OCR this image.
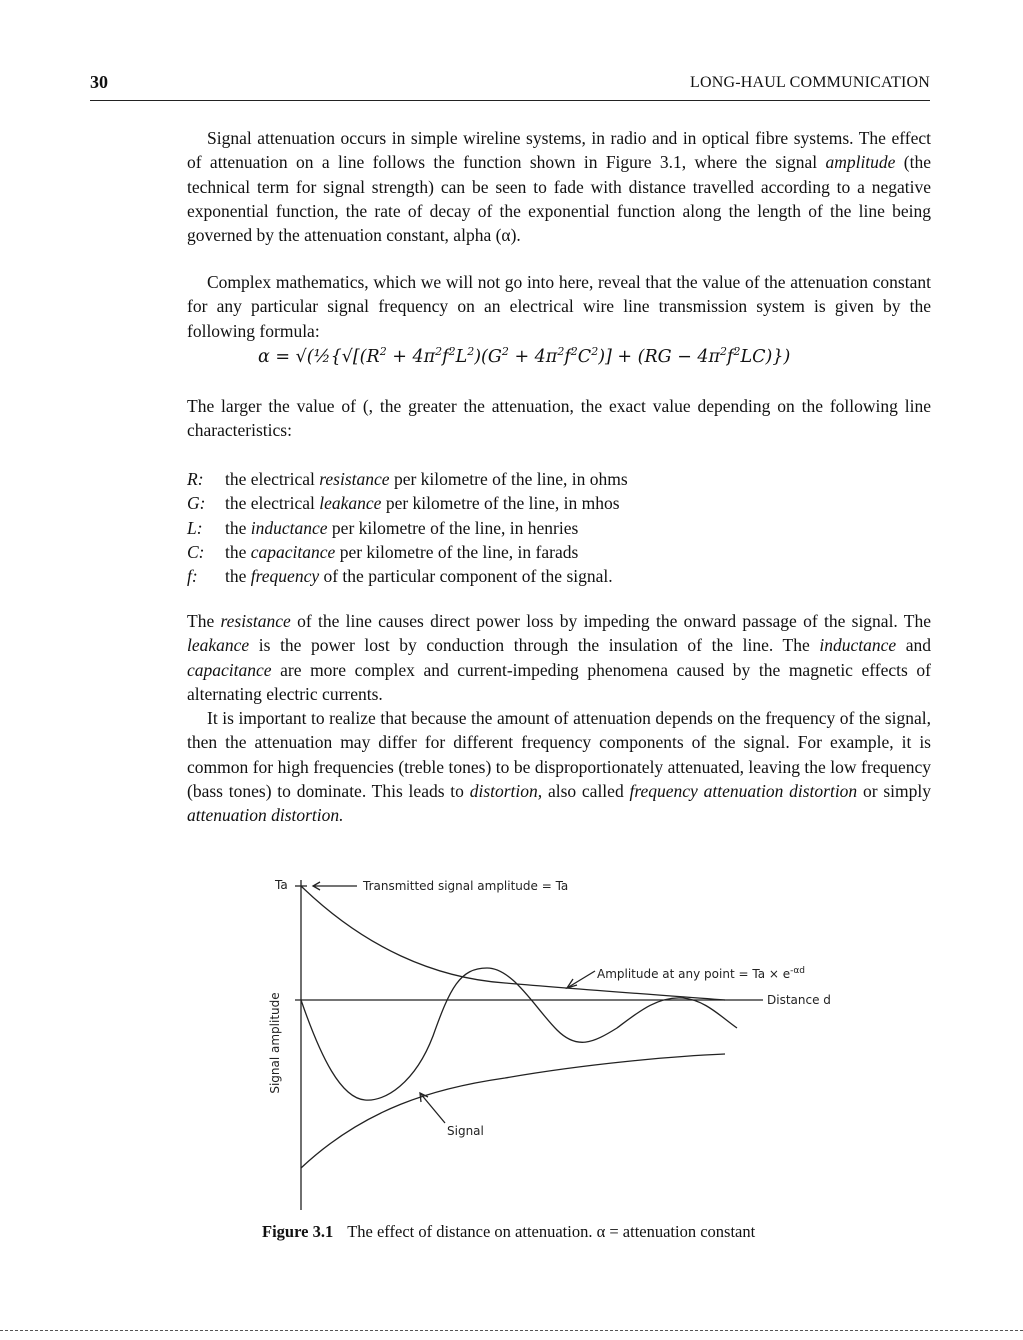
30	LONG-HAUL COMMUNICATION

Signal attenuation occurs in simple wireline systems, in radio and in optical fibre systems. The effect of attenuation on a line follows the function shown in Figure 3.1, where the signal amplitude (the technical term for signal strength) can be seen to fade with distance travelled according to a negative exponential function, the rate of decay of the exponential function along the length of the line being governed by the attenuation constant, alpha (α).

Complex mathematics, which we will not go into here, reveal that the value of the attenuation constant for any particular signal frequency on an electrical wire line transmission system is given by the following formula:

$\alpha = √(\frac{1}{2}\{√[(R^2 + 4\pi^2f^2L^2)(G^2 + 4\pi^2f^2C^2)] + (RG - 4\pi^2f^2LC)\})$

The larger the value of (, the greater the attenuation, the exact value depending on the following line characteristics:

R:	the electrical resistance per kilometre of the line, in ohms
G:	the electrical leakance per kilometre of the line, in mhos
L:	the inductance per kilometre of the line, in henries
C:	the capacitance per kilometre of the line, in farads
f:	the frequency of the particular component of the signal.

The resistance of the line causes direct power loss by impeding the onward passage of the signal. The leakance is the power lost by conduction through the insulation of the line. The inductance and capacitance are more complex and current-impeding phenomena caused by the magnetic effects of alternating electric currents.

It is important to realize that because the amount of attenuation depends on the frequency of the signal, then the attenuation may differ for different frequency components of the signal. For example, it is common for high frequencies (treble tones) to be disproportionately attenuated, leaving the low frequency (bass tones) to dominate. This leads to distortion, also called frequency attenuation distortion or simply attenuation distortion.

Ta	Transmitted signal amplitude = Ta
Amplitude at any point = $Ta \times e^{-\alpha d}$
Distance d
Signal
Signal amplitude
Figure 3.1 The effect of distance on attenuation. α = attenuation constant
